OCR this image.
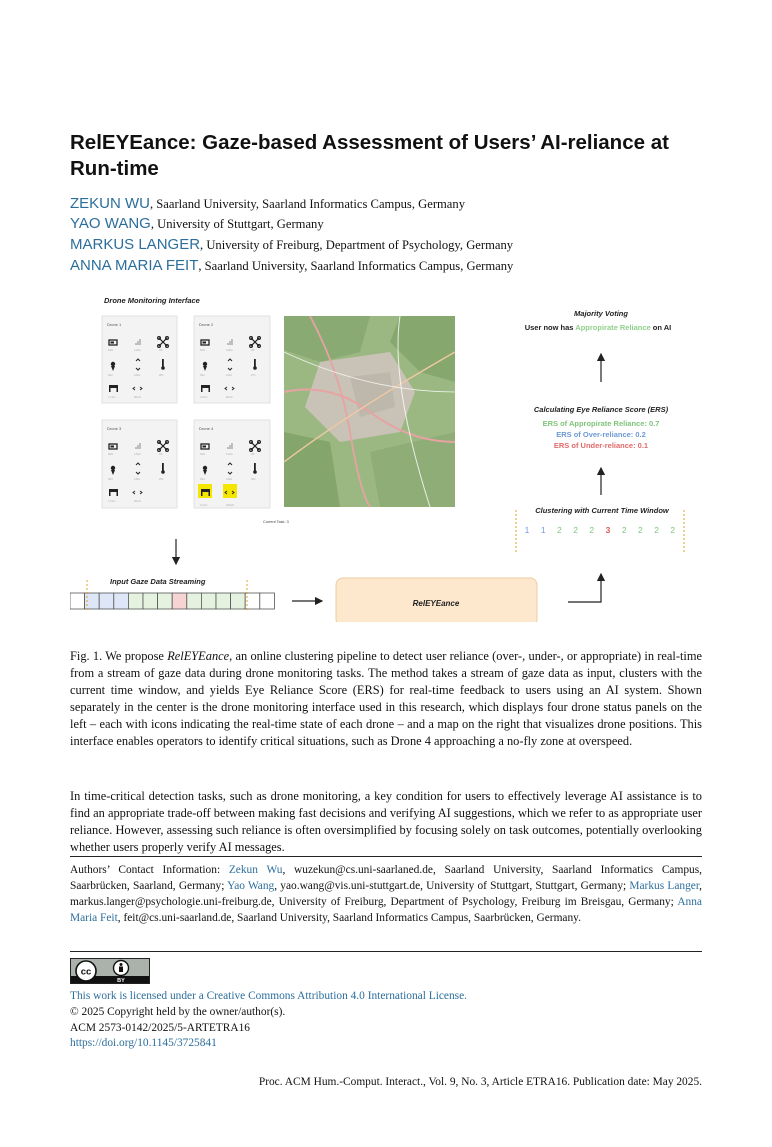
RelEYEance: Gaze-based Assessment of Users’ AI-reliance at Run-time
ZEKUN WU, Saarland University, Saarland Informatics Campus, Germany
YAO WANG, University of Stuttgart, Germany
MARKUS LANGER, University of Freiburg, Department of Psychology, Germany
ANNA MARIA FEIT, Saarland University, Saarland Informatics Campus, Germany
Drone Monitoring Interface
Drone 1
54%	4.2km	OK
N42	120m	28C
1.2 km	5km/h
Drone 2
62%	3.9km	OK
N41	110m	27C
0.8 km	6km/h
Drone 3
48%	4.5km	OK
N43	130m	29C
1.5 km	4km/h
Drone 4
39%	5.1km	OK
N44	140m	30C
0.2 km	22km/h
Current Task: 3
Input Gaze Data Streaming
RelEYEance
Clustering with Current Time Window
1 1 2 2 2 3 2 2 2 2
Calculating Eye Reliance Score (ERS)
ERS of Appropirate Reliance: 0.7
ERS of Over-reliance: 0.2
ERS of Under-reliance: 0.1
Majority Voting
User now has Appropirate Reliance on AI
Fig. 1. We propose RelEYEance, an online clustering pipeline to detect user reliance (over-, under-, or appropriate) in real-time from a stream of gaze data during drone monitoring tasks. The method takes a stream of gaze data as input, clusters with the current time window, and yields Eye Reliance Score (ERS) for real-time feedback to users using an AI system. Shown separately in the center is the drone monitoring interface used in this research, which displays four drone status panels on the left – each with icons indicating the real-time state of each drone – and a map on the right that visualizes drone positions. This interface enables operators to identify critical situations, such as Drone 4 approaching a no-fly zone at overspeed.
In time-critical detection tasks, such as drone monitoring, a key condition for users to effectively leverage AI assistance is to find an appropriate trade-off between making fast decisions and verifying AI suggestions, which we refer to as appropriate user reliance. However, assessing such reliance is often oversimplified by focusing solely on task outcomes, potentially overlooking whether users properly verify AI messages.
Authors’ Contact Information: Zekun Wu, wuzekun@cs.uni-saarlaned.de, Saarland University, Saarland Informatics Campus, Saarbrücken, Saarland, Germany; Yao Wang, yao.wang@vis.uni-stuttgart.de, University of Stuttgart, Stuttgart, Germany; Markus Langer, markus.langer@psychologie.uni-freiburg.de, University of Freiburg, Department of Psychology, Freiburg im Breisgau, Germany; Anna Maria Feit, feit@cs.uni-saarland.de, Saarland University, Saarland Informatics Campus, Saarbrücken, Germany.
cc
BY
This work is licensed under a Creative Commons Attribution 4.0 International License.
© 2025 Copyright held by the owner/author(s).
ACM 2573-0142/2025/5-ARTETRA16
https://doi.org/10.1145/3725841
Proc. ACM Hum.-Comput. Interact., Vol. 9, No. 3, Article ETRA16. Publication date: May 2025.
